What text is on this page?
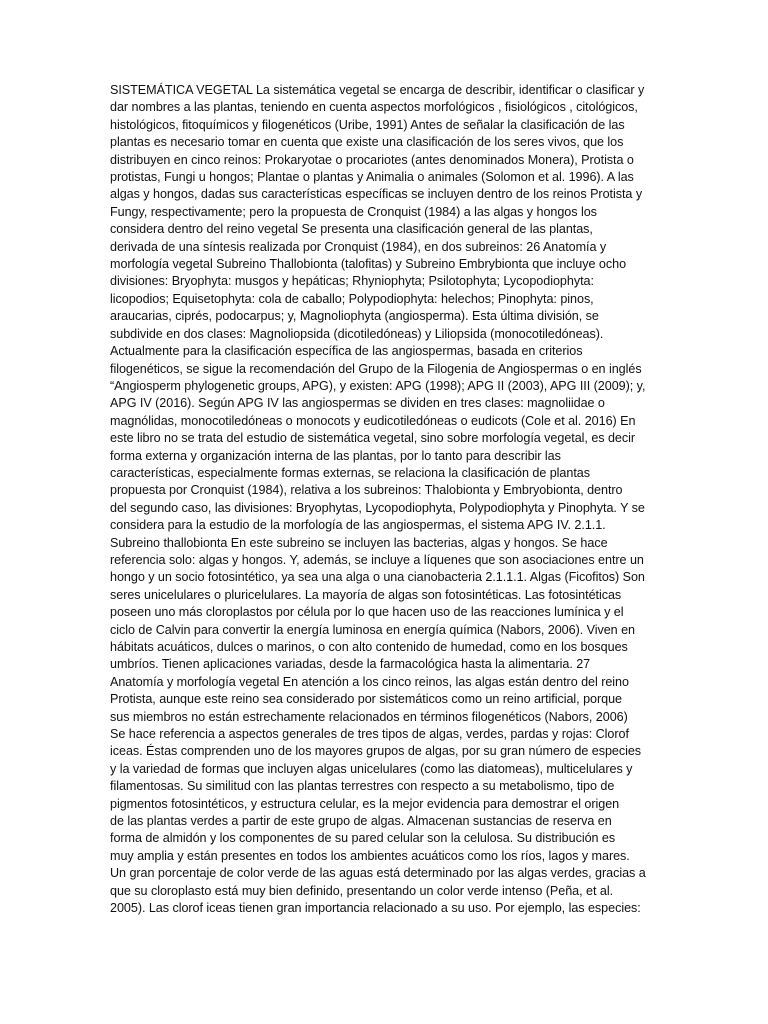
SISTEMÁTICA VEGETAL La sistemática vegetal se encarga de describir, identificar o clasificar y
dar nombres a las plantas, teniendo en cuenta aspectos morfológicos , fisiológicos , citológicos,
histológicos, fitoquímicos y filogenéticos (Uribe, 1991) Antes de señalar la clasificación de las
plantas es necesario tomar en cuenta que existe una clasificación de los seres vivos, que los
distribuyen en cinco reinos: Prokaryotae o procariotes (antes denominados Monera), Protista o
protistas, Fungi u hongos; Plantae o plantas y Animalia o animales (Solomon et al. 1996). A las
algas y hongos, dadas sus características específicas se incluyen dentro de los reinos Protista y
Fungy, respectivamente; pero la propuesta de Cronquist (1984) a las algas y hongos los
considera dentro del reino vegetal Se presenta una clasificación general de las plantas,
derivada de una síntesis realizada por Cronquist (1984), en dos subreinos: 26 Anatomía y
morfología vegetal Subreino Thallobionta (talofitas) y Subreino Embrybionta que incluye ocho
divisiones: Bryophyta: musgos y hepáticas; Rhyniophyta; Psilotophyta; Lycopodiophyta:
licopodios; Equisetophyta: cola de caballo; Polypodiophyta: helechos; Pinophyta: pinos,
araucarias, ciprés, podocarpus; y, Magnoliophyta (angiosperma). Esta última división, se
subdivide en dos clases: Magnoliopsida (dicotiledóneas) y Liliopsida (monocotiledóneas).
Actualmente para la clasificación específica de las angiospermas, basada en criterios
filogenéticos, se sigue la recomendación del Grupo de la Filogenia de Angiospermas o en inglés
“Angiosperm phylogenetic groups, APG), y existen: APG (1998); APG II (2003), APG III (2009); y,
APG IV (2016). Según APG IV las angiospermas se dividen en tres clases: magnoliidae o
magnólidas, monocotiledóneas o monocots y eudicotiledóneas o eudicots (Cole et al. 2016) En
este libro no se trata del estudio de sistemática vegetal, sino sobre morfología vegetal, es decir
forma externa y organización interna de las plantas, por lo tanto para describir las
características, especialmente formas externas, se relaciona la clasificación de plantas
propuesta por Cronquist (1984), relativa a los subreinos: Thalobionta y Embryobionta, dentro
del segundo caso, las divisiones: Bryophytas, Lycopodiophyta, Polypodiophyta y Pinophyta. Y se
considera para la estudio de la morfología de las angiospermas, el sistema APG IV. 2.1.1.
Subreino thallobionta En este subreino se incluyen las bacterias, algas y hongos. Se hace
referencia solo: algas y hongos. Y, además, se incluye a líquenes que son asociaciones entre un
hongo y un socio fotosintético, ya sea una alga o una cianobacteria 2.1.1.1. Algas (Ficofitos) Son
seres unicelulares o pluricelulares. La mayoría de algas son fotosintéticas. Las fotosintéticas
poseen uno más cloroplastos por célula por lo que hacen uso de las reacciones lumínica y el
ciclo de Calvin para convertir la energía luminosa en energía química (Nabors, 2006). Viven en
hábitats acuáticos, dulces o marinos, o con alto contenido de humedad, como en los bosques
umbríos. Tienen aplicaciones variadas, desde la farmacológica hasta la alimentaria. 27
Anatomía y morfología vegetal En atención a los cinco reinos, las algas están dentro del reino
Protista, aunque este reino sea considerado por sistemáticos como un reino artificial, porque
sus miembros no están estrechamente relacionados en términos filogenéticos (Nabors, 2006)
Se hace referencia a aspectos generales de tres tipos de algas, verdes, pardas y rojas: Clorof
iceas. Éstas comprenden uno de los mayores grupos de algas, por su gran número de especies
y la variedad de formas que incluyen algas unicelulares (como las diatomeas), multicelulares y
filamentosas. Su similitud con las plantas terrestres con respecto a su metabolismo, tipo de
pigmentos fotosintéticos, y estructura celular, es la mejor evidencia para demostrar el origen
de las plantas verdes a partir de este grupo de algas. Almacenan sustancias de reserva en
forma de almidón y los componentes de su pared celular son la celulosa. Su distribución es
muy amplia y están presentes en todos los ambientes acuáticos como los ríos, lagos y mares.
Un gran porcentaje de color verde de las aguas está determinado por las algas verdes, gracias a
que su cloroplasto está muy bien definido, presentando un color verde intenso (Peña, et al.
2005). Las clorof iceas tienen gran importancia relacionado a su uso. Por ejemplo, las especies:
